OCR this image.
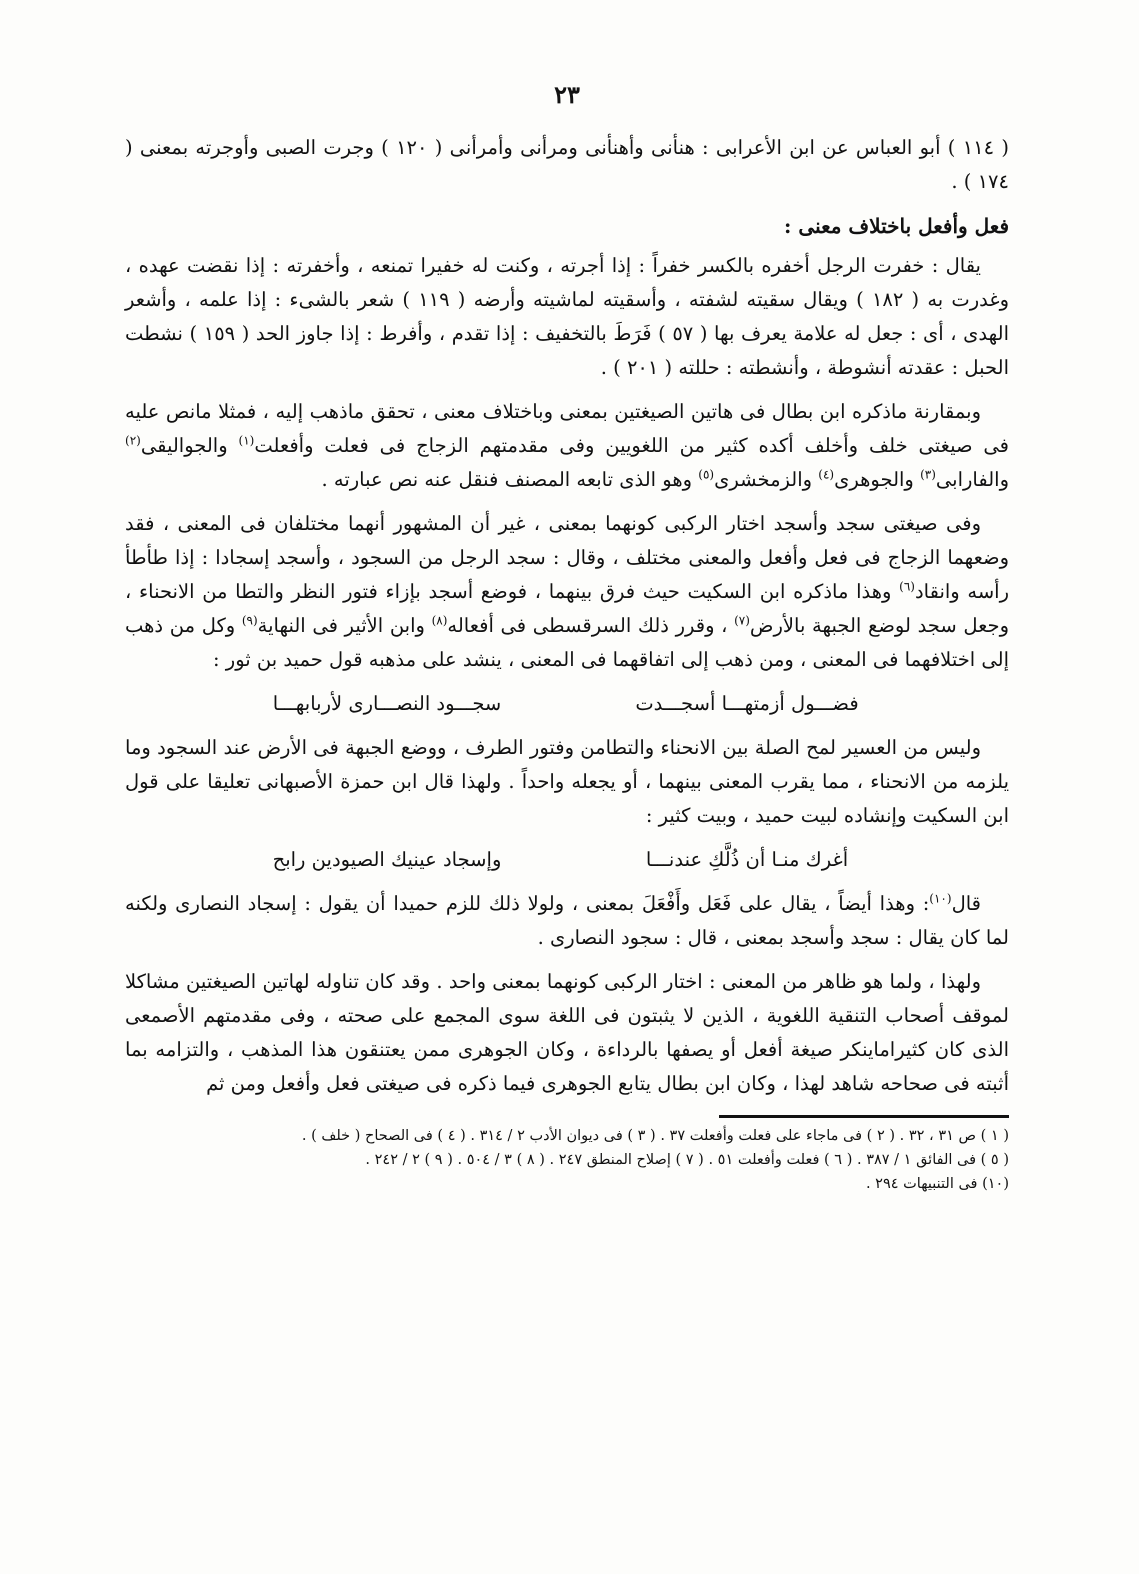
٢٣

( ١١٤ ) أبو العباس عن ابن الأعرابى : هنأنى وأهنأنى ومرأنى وأمرأنى ( ١٢٠ ) وجرت الصبى وأوجرته بمعنى ( ١٧٤ ) .

فعل وأفعل باختلاف معنى :

يقال : خفرت الرجل أخفره بالكسر خفراً : إذا أجرته ، وكنت له خفيرا تمنعه ، وأخفرته : إذا نقضت عهده ، وغدرت به ( ١٨٢ ) ويقال سقيته لشفته ، وأسقيته لماشيته وأرضه ( ١١٩ ) شعر بالشىء : إذا علمه ، وأشعر الهدى ، أى : جعل له علامة يعرف بها ( ٥٧ ) فَرَطَ بالتخفيف : إذا تقدم ، وأفرط : إذا جاوز الحد ( ١٥٩ ) نشطت الحبل : عقدته أنشوطة ، وأنشطته : حللته ( ٢٠١ ) .

وبمقارنة ماذكره ابن بطال فى هاتين الصيغتين بمعنى وباختلاف معنى ، تحقق ماذهب إليه ، فمثلا مانص عليه فى صيغتى خلف وأخلف أكده كثير من اللغويين وفى مقدمتهم الزجاج فى فعلت وأفعلت$^{(١)}$ والجواليقى$^{(٢)}$ والفارابى$^{(٣)}$ والجوهرى$^{(٤)}$ والزمخشرى$^{(٥)}$ وهو الذى تابعه المصنف فنقل عنه نص عبارته .

وفى صيغتى سجد وأسجد اختار الركبى كونهما بمعنى ، غير أن المشهور أنهما مختلفان فى المعنى ، فقد وضعهما الزجاج فى فعل وأفعل والمعنى مختلف ، وقال : سجد الرجل من السجود ، وأسجد إسجادا : إذا طأطأ رأسه وانقاد$^{(٦)}$ وهذا ماذكره ابن السكيت حيث فرق بينهما ، فوضع أسجد بإزاء فتور النظر والتطا من الانحناء ، وجعل سجد لوضع الجبهة بالأرض$^{(٧)}$ ، وقرر ذلك السرقسطى فى أفعاله$^{(٨)}$ وابن الأثير فى النهاية$^{(٩)}$ وكل من ذهب إلى اختلافهما فى المعنى ، ومن ذهب إلى اتفاقهما فى المعنى ، ينشد على مذهبه قول حميد بن ثور :

فضـــول أزمتهـــا أسجـــدت
سجـــود النصـــارى لأربابهـــا

وليس من العسير لمح الصلة بين الانحناء والتطامن وفتور الطرف ، ووضع الجبهة فى الأرض عند السجود وما يلزمه من الانحناء ، مما يقرب المعنى بينهما ، أو يجعله واحداً . ولهذا قال ابن حمزة الأصبهانى تعليقا على قول ابن السكيت وإنشاده لبيت حميد ، وبيت كثير :

أغرك منـا أن ذُلَّكِ عندنـــا
وإسجاد عينيك الصيودين رابح

قال$^{(١٠)}$: وهذا أيضاً ، يقال على فَعَل وأَفْعَلَ بمعنى ، ولولا ذلك للزم حميدا أن يقول : إسجاد النصارى ولكنه لما كان يقال : سجد وأسجد بمعنى ، قال : سجود النصارى .

ولهذا ، ولما هو ظاهر من المعنى : اختار الركبى كونهما بمعنى واحد . وقد كان تناوله لهاتين الصيغتين مشاكلا لموقف أصحاب التنقية اللغوية ، الذين لا يثبتون فى اللغة سوى المجمع على صحته ، وفى مقدمتهم الأصمعى الذى كان كثيراماينكر صيغة أفعل أو يصفها بالرداءة ، وكان الجوهرى ممن يعتنقون هذا المذهب ، والتزامه بما أثبته فى صحاحه شاهد لهذا ، وكان ابن بطال يتابع الجوهرى فيما ذكره فى صيغتى فعل وأفعل ومن ثم

( ١ ) ص ٣١ ، ٣٢ . ( ٢ ) فى ماجاء على فعلت وأفعلت ٣٧ . ( ٣ ) فى ديوان الأدب ٢ / ٣١٤ . ( ٤ ) فى الصحاح ( خلف ) .
( ٥ ) فى الفائق ١ / ٣٨٧ . ( ٦ ) فعلت وأفعلت ٥١ . ( ٧ ) إصلاح المنطق ٢٤٧ . ( ٨ ) ٣ / ٥٠٤ . ( ٩ ) ٢ / ٢٤٢ .
(١٠) فى التنبيهات ٢٩٤ .
